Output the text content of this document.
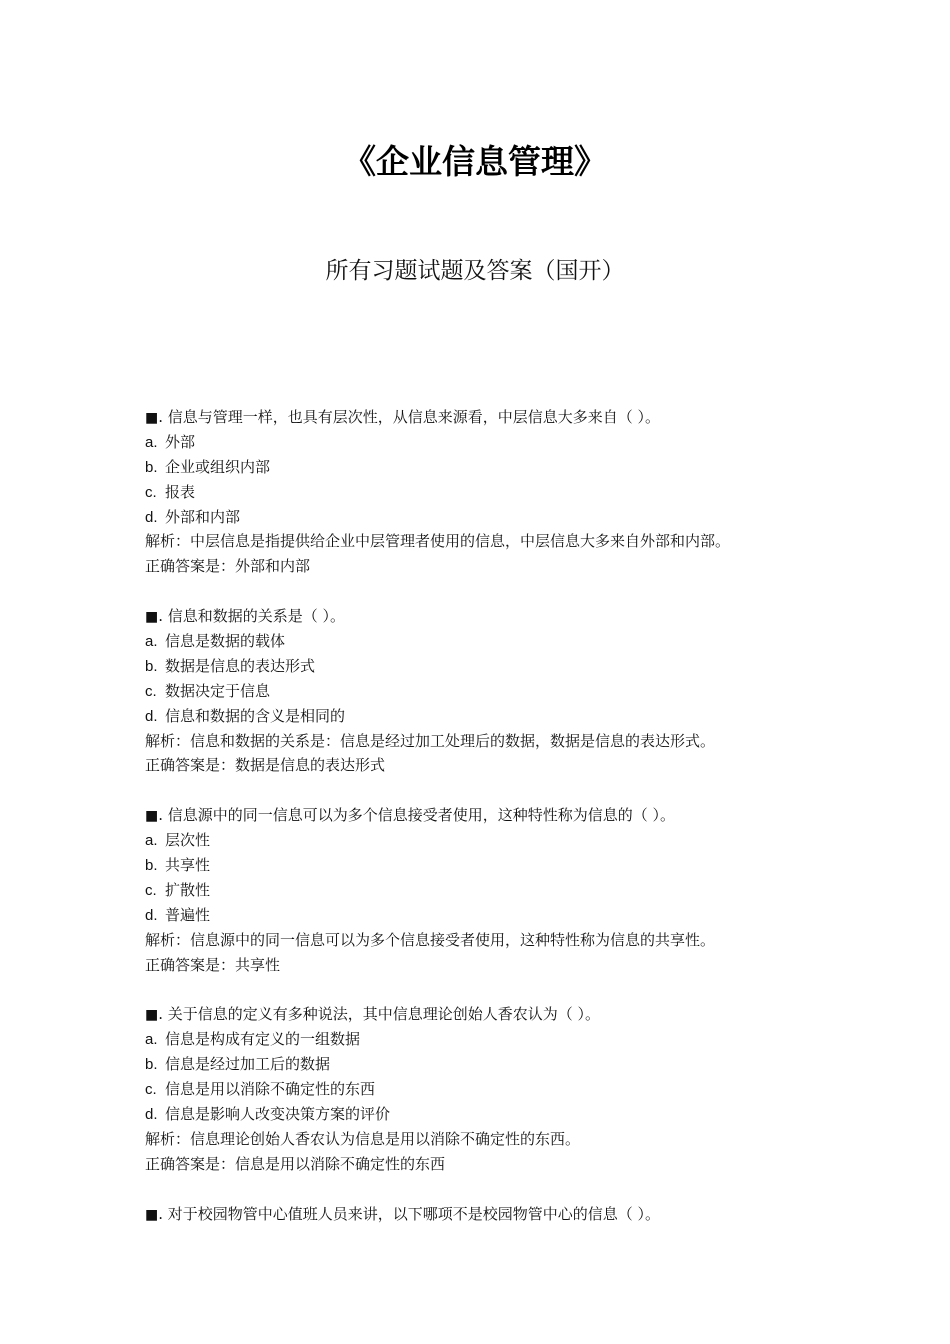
《企业信息管理》
所有习题试题及答案（国开）
■. 信息与管理一样，也具有层次性，从信息来源看，中层信息大多来自（ ）。
a. 外部
b. 企业或组织内部
c. 报表
d. 外部和内部
解析：中层信息是指提供给企业中层管理者使用的信息，中层信息大多来自外部和内部。
正确答案是：外部和内部
■. 信息和数据的关系是（ ）。
a. 信息是数据的载体
b. 数据是信息的表达形式
c. 数据决定于信息
d. 信息和数据的含义是相同的
解析：信息和数据的关系是：信息是经过加工处理后的数据，数据是信息的表达形式。
正确答案是：数据是信息的表达形式
■. 信息源中的同一信息可以为多个信息接受者使用，这种特性称为信息的（ ）。
a. 层次性
b. 共享性
c. 扩散性
d. 普遍性
解析：信息源中的同一信息可以为多个信息接受者使用，这种特性称为信息的共享性。
正确答案是：共享性
■. 关于信息的定义有多种说法，其中信息理论创始人香农认为（ ）。
a. 信息是构成有定义的一组数据
b. 信息是经过加工后的数据
c. 信息是用以消除不确定性的东西
d. 信息是影响人改变决策方案的评价
解析：信息理论创始人香农认为信息是用以消除不确定性的东西。
正确答案是：信息是用以消除不确定性的东西
■. 对于校园物管中心值班人员来讲，以下哪项不是校园物管中心的信息（ ）。
